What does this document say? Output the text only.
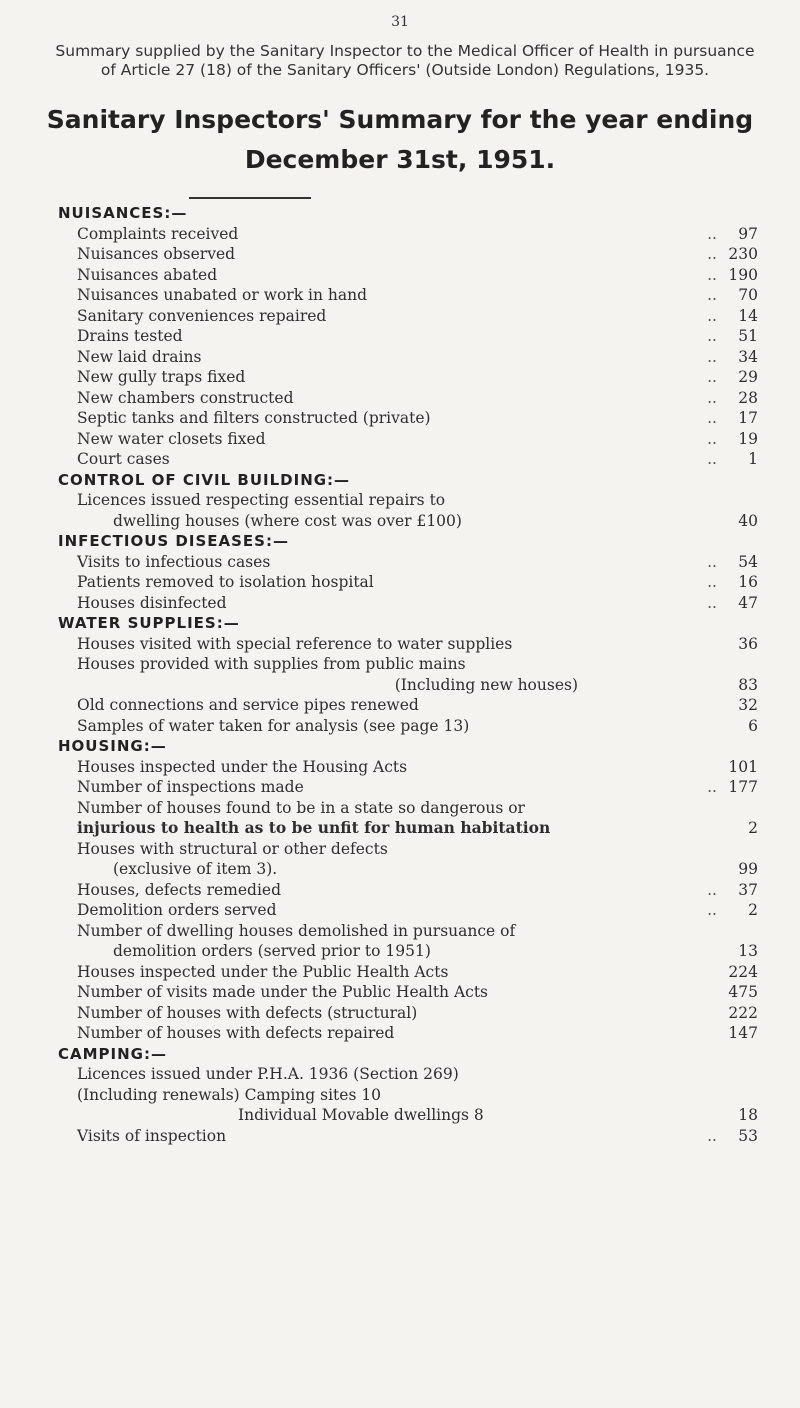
31
Summary supplied by the Sanitary Inspector to the Medical Officer of Health in pursuance of Article 27 (18) of the Sanitary Officers' (Outside London) Regulations, 1935.
Sanitary Inspectors' Summary for the year ending
December 31st, 1951.
NUISANCES:—
Complaints received	..	97
Nuisances observed	.. 230
Nuisances abated	.. 190
Nuisances unabated or work in hand	..	70
Sanitary conveniences repaired	..	14
Drains tested	..	51
New laid drains	..	34
New gully traps fixed	..	29
New chambers constructed	..	28
Septic tanks and filters constructed (private)	..	17
New water closets fixed	..	19
Court cases	..	1
CONTROL OF CIVIL BUILDING:—
Licences issued respecting essential repairs to
dwelling houses (where cost was over £100)	40
INFECTIOUS DISEASES:—
Visits to infectious cases	..	54
Patients removed to isolation hospital	..	16
Houses disinfected	..	47
WATER SUPPLIES:—
Houses visited with special reference to water supplies	36
Houses provided with supplies from public mains
(Including new houses)	83
Old connections and service pipes renewed	32
Samples of water taken for analysis (see page 13)	6
HOUSING:—
Houses inspected under the Housing Acts	101
Number of inspections made	.. 177
Number of houses found to be in a state so dangerous or
injurious to health as to be unfit for human habitation	2
Houses with structural or other defects
(exclusive of item 3).	99
Houses, defects remedied	..	37
Demolition orders served	..	2
Number of dwelling houses demolished in pursuance of
demolition orders (served prior to 1951)	13
Houses inspected under the Public Health Acts	224
Number of visits made under the Public Health Acts	475
Number of houses with defects (structural)	222
Number of houses with defects repaired	147
CAMPING:—
Licences issued under P.H.A. 1936 (Section 269)
(Including renewals) Camping sites 10
Individual Movable dwellings 8	18
Visits of inspection	..	53
